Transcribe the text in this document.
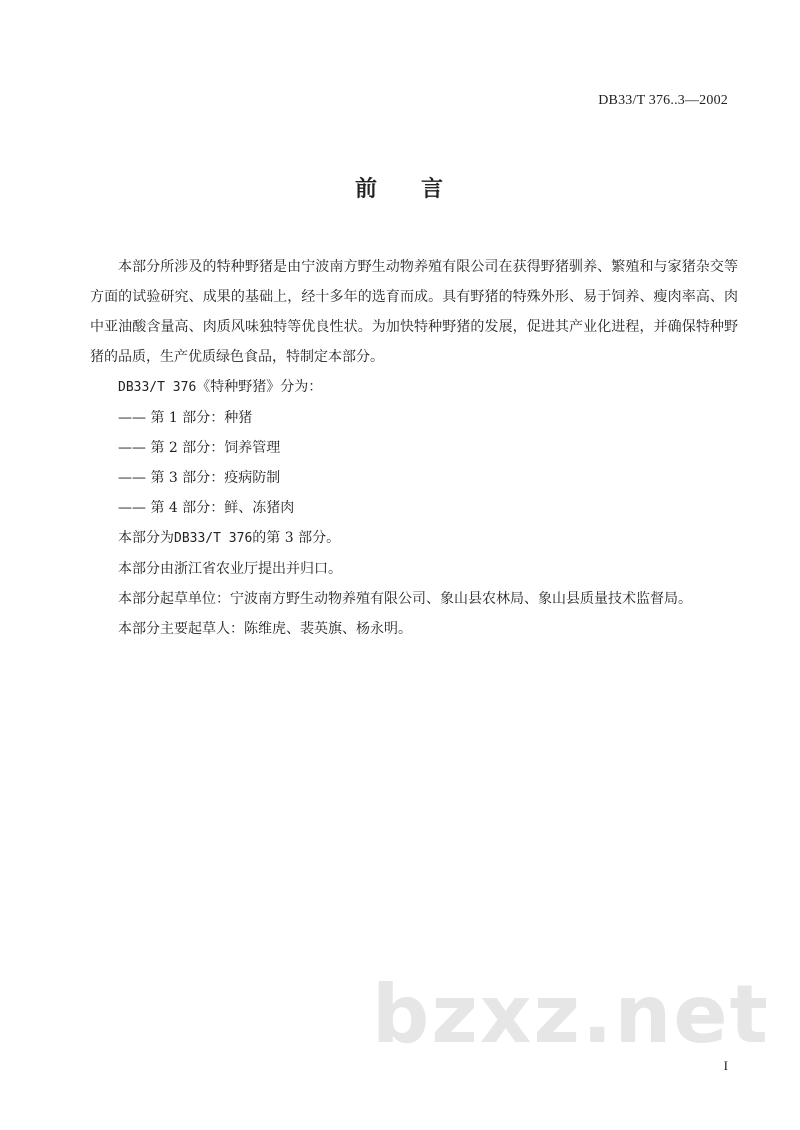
DB33/T 376..3—2002
前 言

本部分所涉及的特种野猪是由宁波南方野生动物养殖有限公司在获得野猪驯养、繁殖和与家猪杂交等方面的试验研究、成果的基础上，经十多年的选育而成。具有野猪的特殊外形、易于饲养、瘦肉率高、肉中亚油酸含量高、肉质风味独特等优良性状。为加快特种野猪的发展，促进其产业化进程，并确保特种野猪的品质，生产优质绿色食品，特制定本部分。

DB33/T 376《特种野猪》分为：

—— 第 1 部分：种猪

—— 第 2 部分：饲养管理

—— 第 3 部分：疫病防制

—— 第 4 部分：鲜、冻猪肉

本部分为DB33/T 376的第 3 部分。

本部分由浙江省农业厅提出并归口。

本部分起草单位：宁波南方野生动物养殖有限公司、象山县农林局、象山县质量技术监督局。

本部分主要起草人：陈维虎、裴英旗、杨永明。

bzxz.net
I
